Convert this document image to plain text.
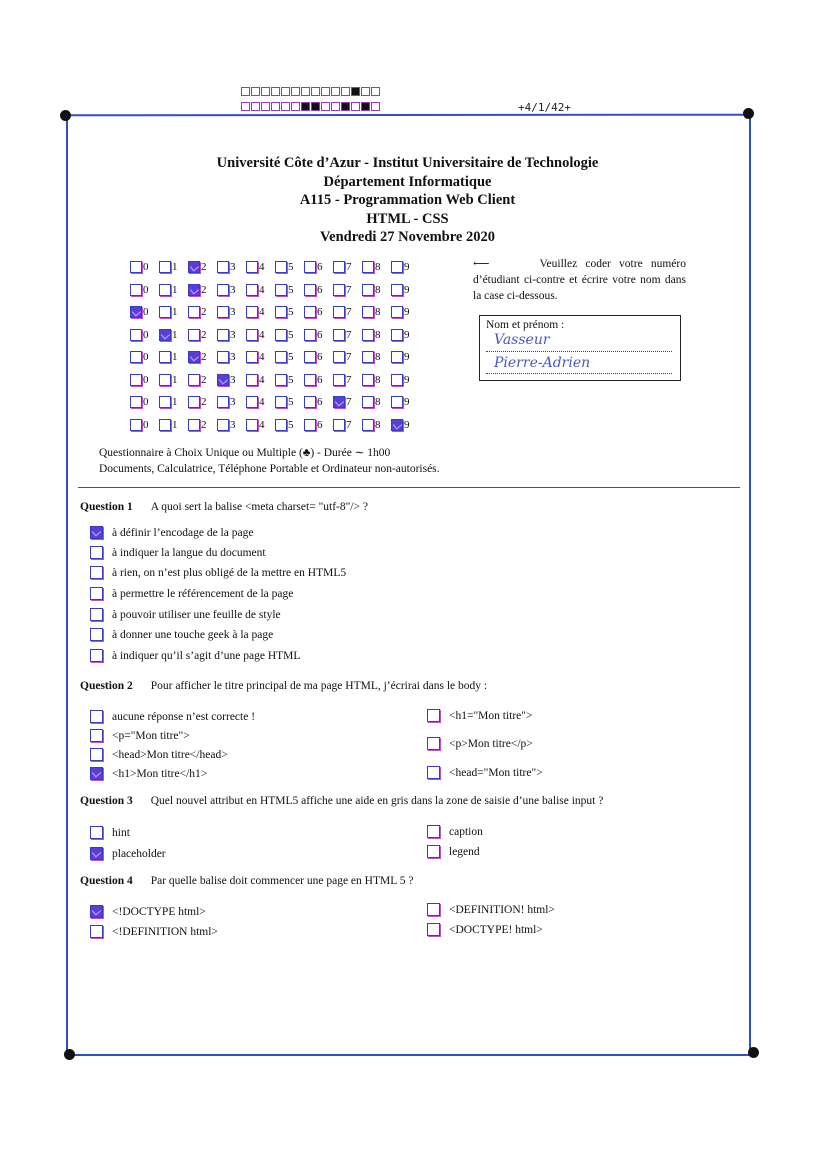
+4/1/42+
Université Côte d’Azur - Institut Universitaire de Technologie
Département Informatique
A115 - Programmation Web Client
HTML - CSS
Vendredi 27 Novembre 2020
0 1 2 3 4 5 6 7 8 9
0 1 2 3 4 5 6 7 8 9
0 1 2 3 4 5 6 7 8 9
0 1 2 3 4 5 6 7 8 9
0 1 2 3 4 5 6 7 8 9
0 1 2 3 4 5 6 7 8 9
0 1 2 3 4 5 6 7 8 9
0 1 2 3 4 5 6 7 8 9
⟵	Veuillez coder votre numéro d’étudiant ci-contre et écrire votre nom dans la case ci-dessous.
Nom et prénom :
Vasseur
Pierre-Adrien
Questionnaire à Choix Unique ou Multiple (♣) - Durée ∼ 1h00
Documents, Calculatrice, Téléphone Portable et Ordinateur non-autorisés.
Question 1 A quoi sert la balise <meta charset= "utf-8"/> ?
à définir l’encodage de la page
à indiquer la langue du document
à rien, on n’est plus obligé de la mettre en HTML5
à permettre le référencement de la page
à pouvoir utiliser une feuille de style
à donner une touche geek à la page
à indiquer qu’il s’agit d’une page HTML
Question 2 Pour afficher le titre principal de ma page HTML, j’écrirai dans le body :
aucune réponse n’est correcte !
<p="Mon titre">
<head>Mon titre</head>
<h1>Mon titre</h1>
<h1="Mon titre">
<p>Mon titre</p>
<head="Mon titre">
Question 3 Quel nouvel attribut en HTML5 affiche une aide en gris dans la zone de saisie d’une balise input ?
hint
placeholder
caption
legend
Question 4 Par quelle balise doit commencer une page en HTML 5 ?
<!DOCTYPE html>
<!DEFINITION html>
<DEFINITION! html>
<DOCTYPE! html>
